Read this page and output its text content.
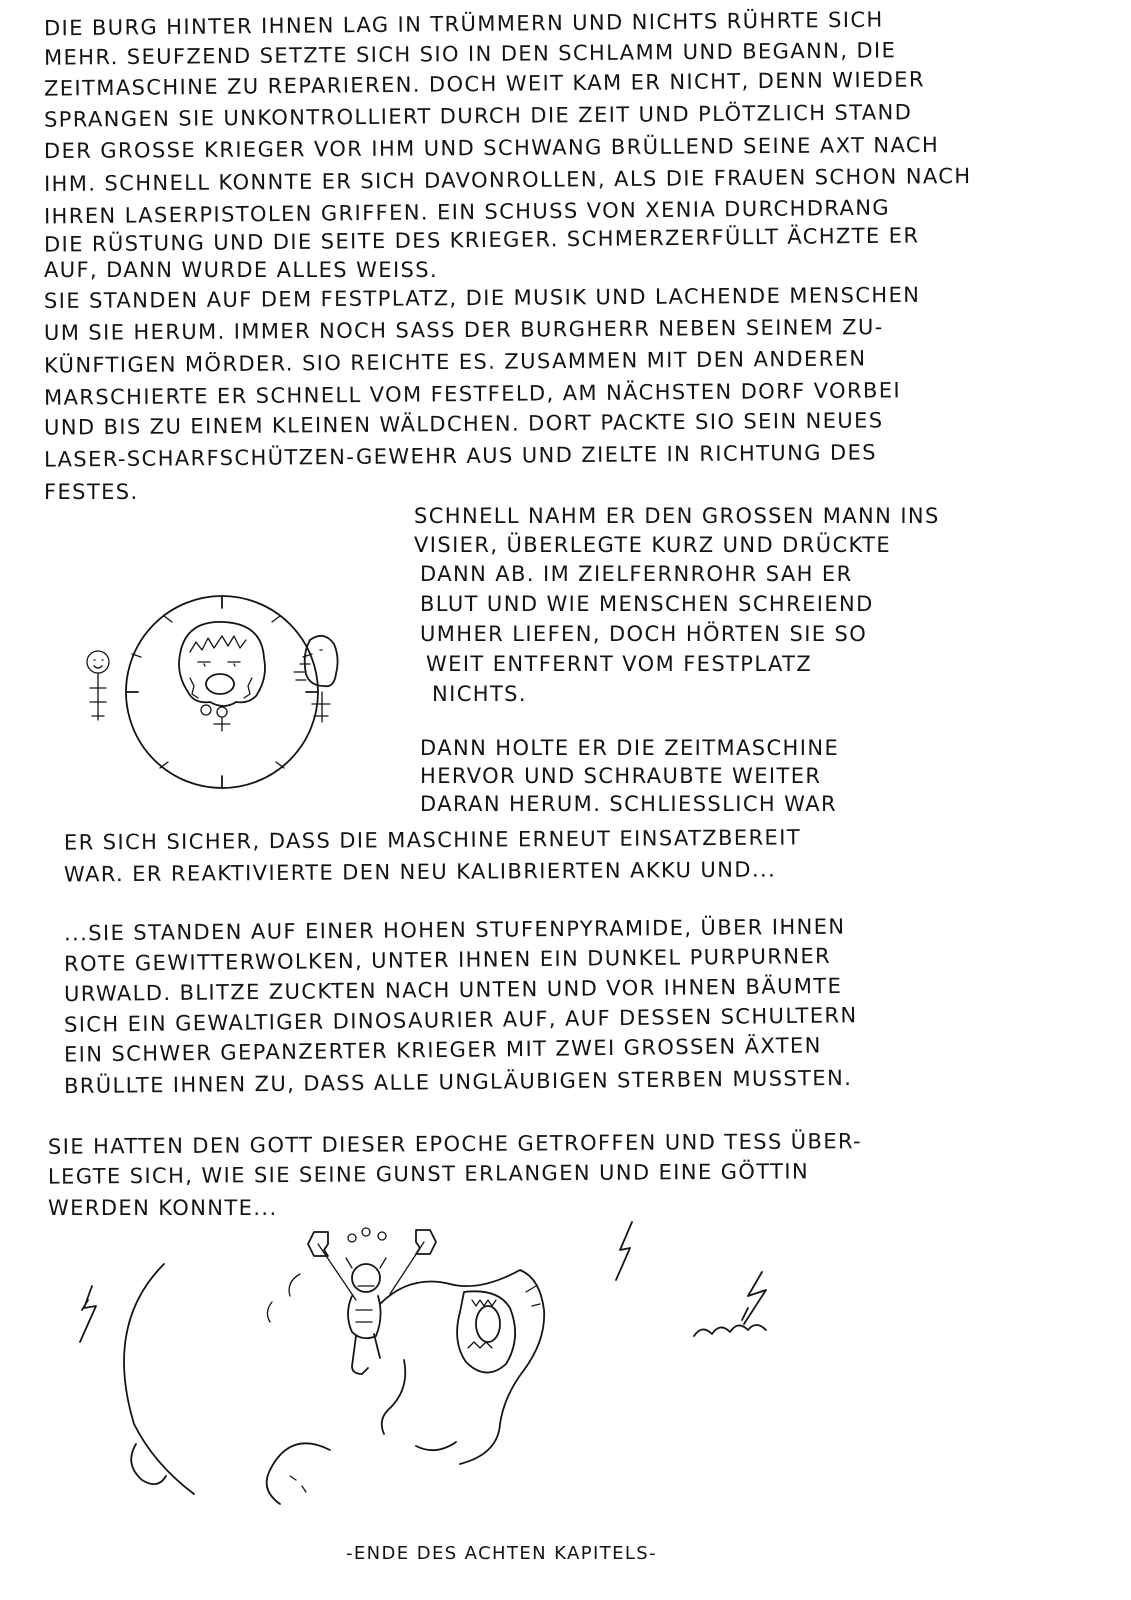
DIE BURG HINTER IHNEN LAG IN TRÜMMERN UND NICHTS RÜHRTE SICH
MEHR. SEUFZEND SETZTE SICH SIO IN DEN SCHLAMM UND BEGANN, DIE
ZEITMASCHINE ZU REPARIEREN. DOCH WEIT KAM ER NICHT, DENN WIEDER
SPRANGEN SIE UNKONTROLLIERT DURCH DIE ZEIT UND PLÖTZLICH STAND
DER GROSSE KRIEGER VOR IHM UND SCHWANG BRÜLLEND SEINE AXT NACH
IHM. SCHNELL KONNTE ER SICH DAVONROLLEN, ALS DIE FRAUEN SCHON NACH
IHREN LASERPISTOLEN GRIFFEN. EIN SCHUSS VON XENIA DURCHDRANG
DIE RÜSTUNG UND DIE SEITE DES KRIEGER. SCHMERZERFÜLLT ÄCHZTE ER
AUF, DANN WURDE ALLES WEISS.
SIE STANDEN AUF DEM FESTPLATZ, DIE MUSIK UND LACHENDE MENSCHEN
UM SIE HERUM. IMMER NOCH SASS DER BURGHERR NEBEN SEINEM ZU-
KÜNFTIGEN MÖRDER. SIO REICHTE ES. ZUSAMMEN MIT DEN ANDEREN
MARSCHIERTE ER SCHNELL VOM FESTFELD, AM NÄCHSTEN DORF VORBEI
UND BIS ZU EINEM KLEINEN WÄLDCHEN. DORT PACKTE SIO SEIN NEUES
LASER-SCHARFSCHÜTZEN-GEWEHR AUS UND ZIELTE IN RICHTUNG DES
FESTES.
SCHNELL NAHM ER DEN GROSSEN MANN INS
VISIER, ÜBERLEGTE KURZ UND DRÜCKTE
DANN AB. IM ZIELFERNROHR SAH ER
BLUT UND WIE MENSCHEN SCHREIEND
UMHER LIEFEN, DOCH HÖRTEN SIE SO
WEIT ENTFERNT VOM FESTPLATZ
NICHTS.
DANN HOLTE ER DIE ZEITMASCHINE
HERVOR UND SCHRAUBTE WEITER
DARAN HERUM. SCHLIESSLICH WAR
ER SICH SICHER, DASS DIE MASCHINE ERNEUT EINSATZBEREIT
WAR. ER REAKTIVIERTE DEN NEU KALIBRIERTEN AKKU UND...
...SIE STANDEN AUF EINER HOHEN STUFENPYRAMIDE, ÜBER IHNEN
ROTE GEWITTERWOLKEN, UNTER IHNEN EIN DUNKEL PURPURNER
URWALD. BLITZE ZUCKTEN NACH UNTEN UND VOR IHNEN BÄUMTE
SICH EIN GEWALTIGER DINOSAURIER AUF, AUF DESSEN SCHULTERN
EIN SCHWER GEPANZERTER KRIEGER MIT ZWEI GROSSEN ÄXTEN
BRÜLLTE IHNEN ZU, DASS ALLE UNGLÄUBIGEN STERBEN MUSSTEN.
SIE HATTEN DEN GOTT DIESER EPOCHE GETROFFEN UND TESS ÜBER-
LEGTE SICH, WIE SIE SEINE GUNST ERLANGEN UND EINE GÖTTIN
WERDEN KONNTE...
-ENDE DES ACHTEN KAPITELS-
